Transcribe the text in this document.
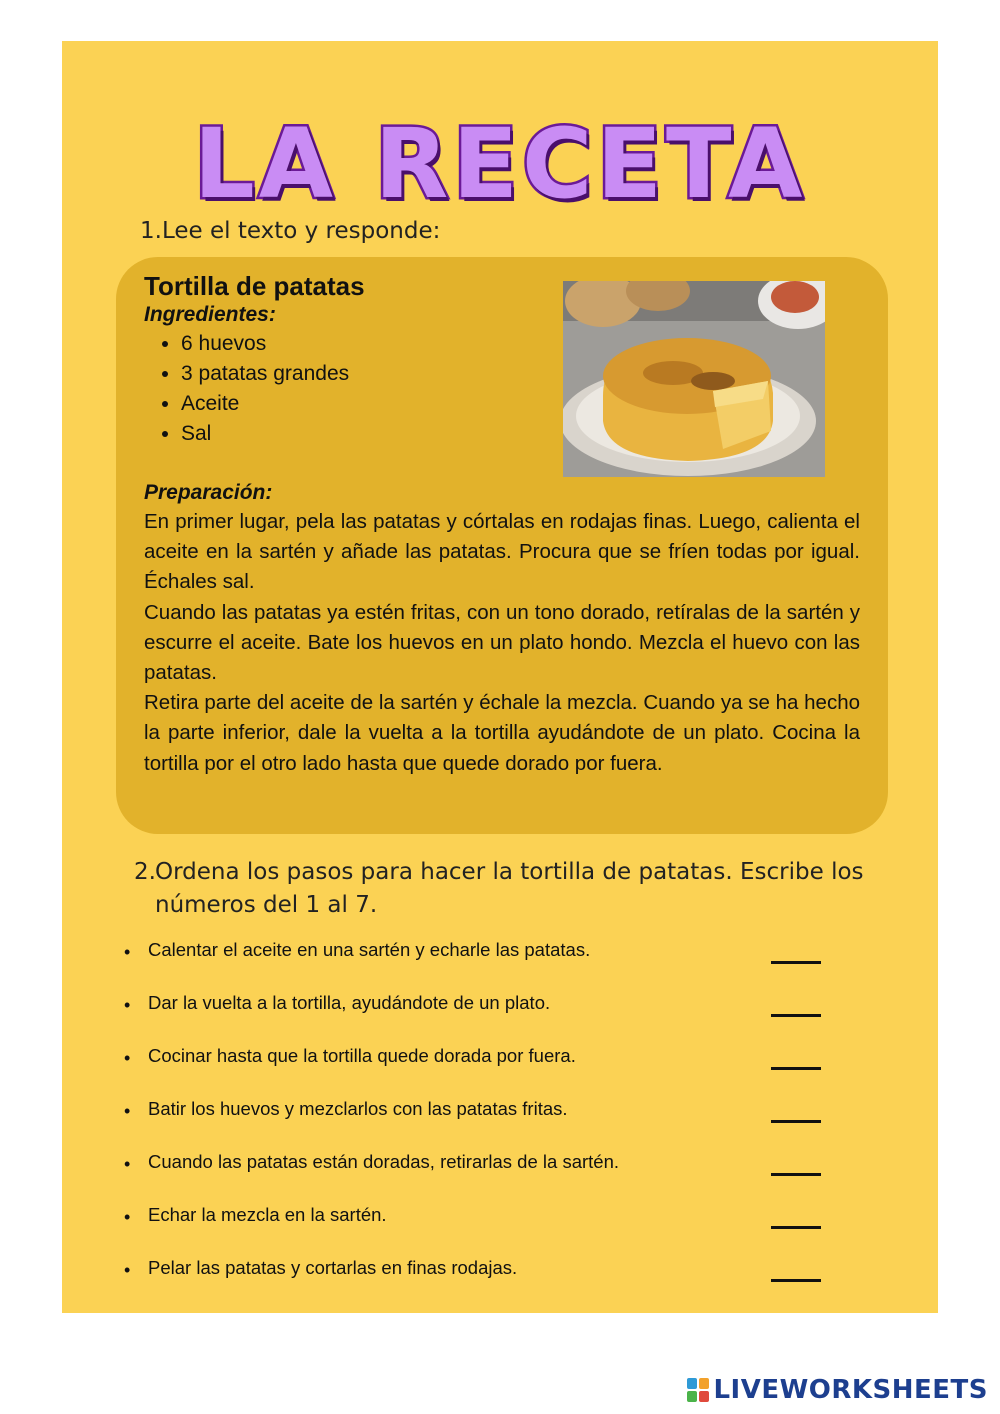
LA RECETA
1.Lee el texto y responde:

Tortilla de patatas

Ingredientes:

• 6 huevos
• 3 patatas grandes
• Aceite
• Sal

Preparación:

En primer lugar, pela las patatas y córtalas en rodajas finas. Luego, calienta el aceite en la sartén y añade las patatas. Procura que se fríen todas por igual. Échales sal.

Cuando las patatas ya estén fritas, con un tono dorado, retíralas de la sartén y escurre el aceite. Bate los huevos en un plato hondo. Mezcla el huevo con las patatas.

Retira parte del aceite de la sartén y échale la mezcla. Cuando ya se ha hecho la parte inferior, dale la vuelta a la tortilla ayudándote de un plato. Cocina la tortilla por el otro lado hasta que quede dorado por fuera.

2. Ordena los pasos para hacer la tortilla de patatas. Escribe los números del 1 al 7.
• Calentar el aceite en una sartén y echarle las patatas.
• Dar la vuelta a la tortilla, ayudándote de un plato.
• Cocinar hasta que la tortilla quede dorada por fuera.
• Batir los huevos y mezclarlos con las patatas fritas.
• Cuando las patatas están doradas, retirarlas de la sartén.
• Echar la mezcla en la sartén.
• Pelar las patatas y cortarlas en finas rodajas.
LIVEWORKSHEETS
